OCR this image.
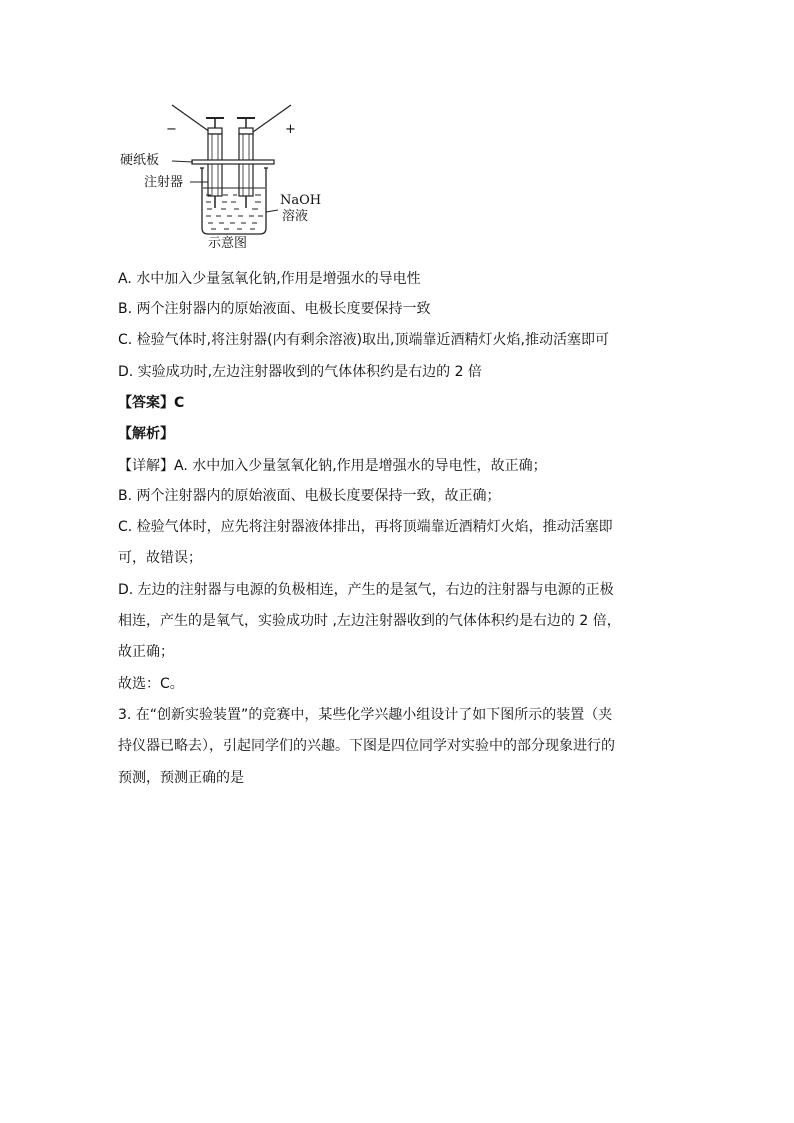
−	+
硬纸板
注射器
NaOH
溶液
示意图
A. 水中加入少量氢氧化钠,作用是增强水的导电性
B. 两个注射器内的原始液面、电极长度要保持一致
C. 检验气体时,将注射器(内有剩余溶液)取出,顶端靠近酒精灯火焰,推动活塞即可
D. 实验成功时,左边注射器收到的气体体积约是右边的 2 倍
【答案】C
【解析】
【详解】A. 水中加入少量氢氧化钠,作用是增强水的导电性，故正确；
B. 两个注射器内的原始液面、电极长度要保持一致，故正确；
C. 检验气体时，应先将注射器液体排出，再将顶端靠近酒精灯火焰，推动活塞即
可，故错误；
D. 左边的注射器与电源的负极相连，产生的是氢气，右边的注射器与电源的正极
相连，产生的是氧气，实验成功时 ,左边注射器收到的气体体积约是右边的 2 倍，
故正确；
故选：C。
3. 在“创新实验装置”的竞赛中，某些化学兴趣小组设计了如下图所示的装置（夹
持仪器已略去），引起同学们的兴趣。下图是四位同学对实验中的部分现象进行的
预测，预测正确的是
